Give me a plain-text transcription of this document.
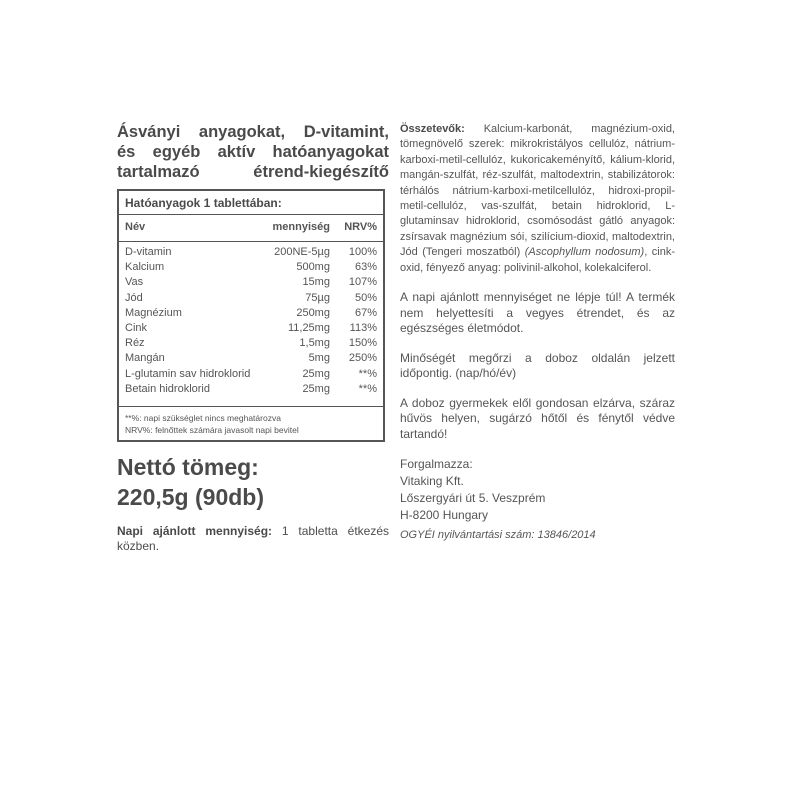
Ásványi anyagokat, D-vitamint,
és egyéb aktív hatóanyagokat
tartalmazó étrend-kiegészítő
Hatóanyagok 1 tablettában:
Név	mennyiség	NRV%
D-vitamin	200NE-5µg	100%
Kalcium	500mg	63%
Vas	15mg	107%
Jód	75µg	50%
Magnézium	250mg	67%
Cink	11,25mg	113%
Réz	1,5mg	150%
Mangán	5mg	250%
L-glutamin sav hidroklorid	25mg	**%
Betain hidroklorid	25mg	**%
**%: napi szükséglet nincs meghatározva
NRV%: felnőttek számára javasolt napi bevitel
Nettó tömeg:
220,5g (90db)
Napi ajánlott mennyiség: 1 tabletta étkezés közben.

Összetevők: Kalcium-karbonát, magnézium-oxid, tömegnövelő szerek: mikrokristályos cellulóz, nátrium-karboxi-metil-cellulóz, kukoricakeményítő, kálium-klorid, mangán-szulfát, réz-szulfát, maltodextrin, stabilizátorok: térhálós nátrium-karboxi-metilcellulóz, hidroxi-propil-metil-cellulóz, vas-szulfát, betain hidroklorid, L-glutaminsav hidroklorid, csomósodást gátló anyagok: zsírsavak magnézium sói, szilícium-dioxid, maltodextrin, Jód (Tengeri moszatból) (Ascophyllum nodosum), cink-oxid, fényező anyag: polivinil-alkohol, kolekalciferol.

A napi ajánlott mennyiséget ne lépje túl! A termék nem helyettesíti a vegyes étrendet, és az egészséges életmódot.

Minőségét megőrzi a doboz oldalán jelzett időpontig. (nap/hó/év)

A doboz gyermekek elől gondosan elzárva, száraz hűvös helyen, sugárzó hőtől és fénytől védve tartandó!

Forgalmazza:
Vitaking Kft.
Lőszergyári út 5. Veszprém
H-8200 Hungary
OGYÉI nyilvántartási szám: 13846/2014
